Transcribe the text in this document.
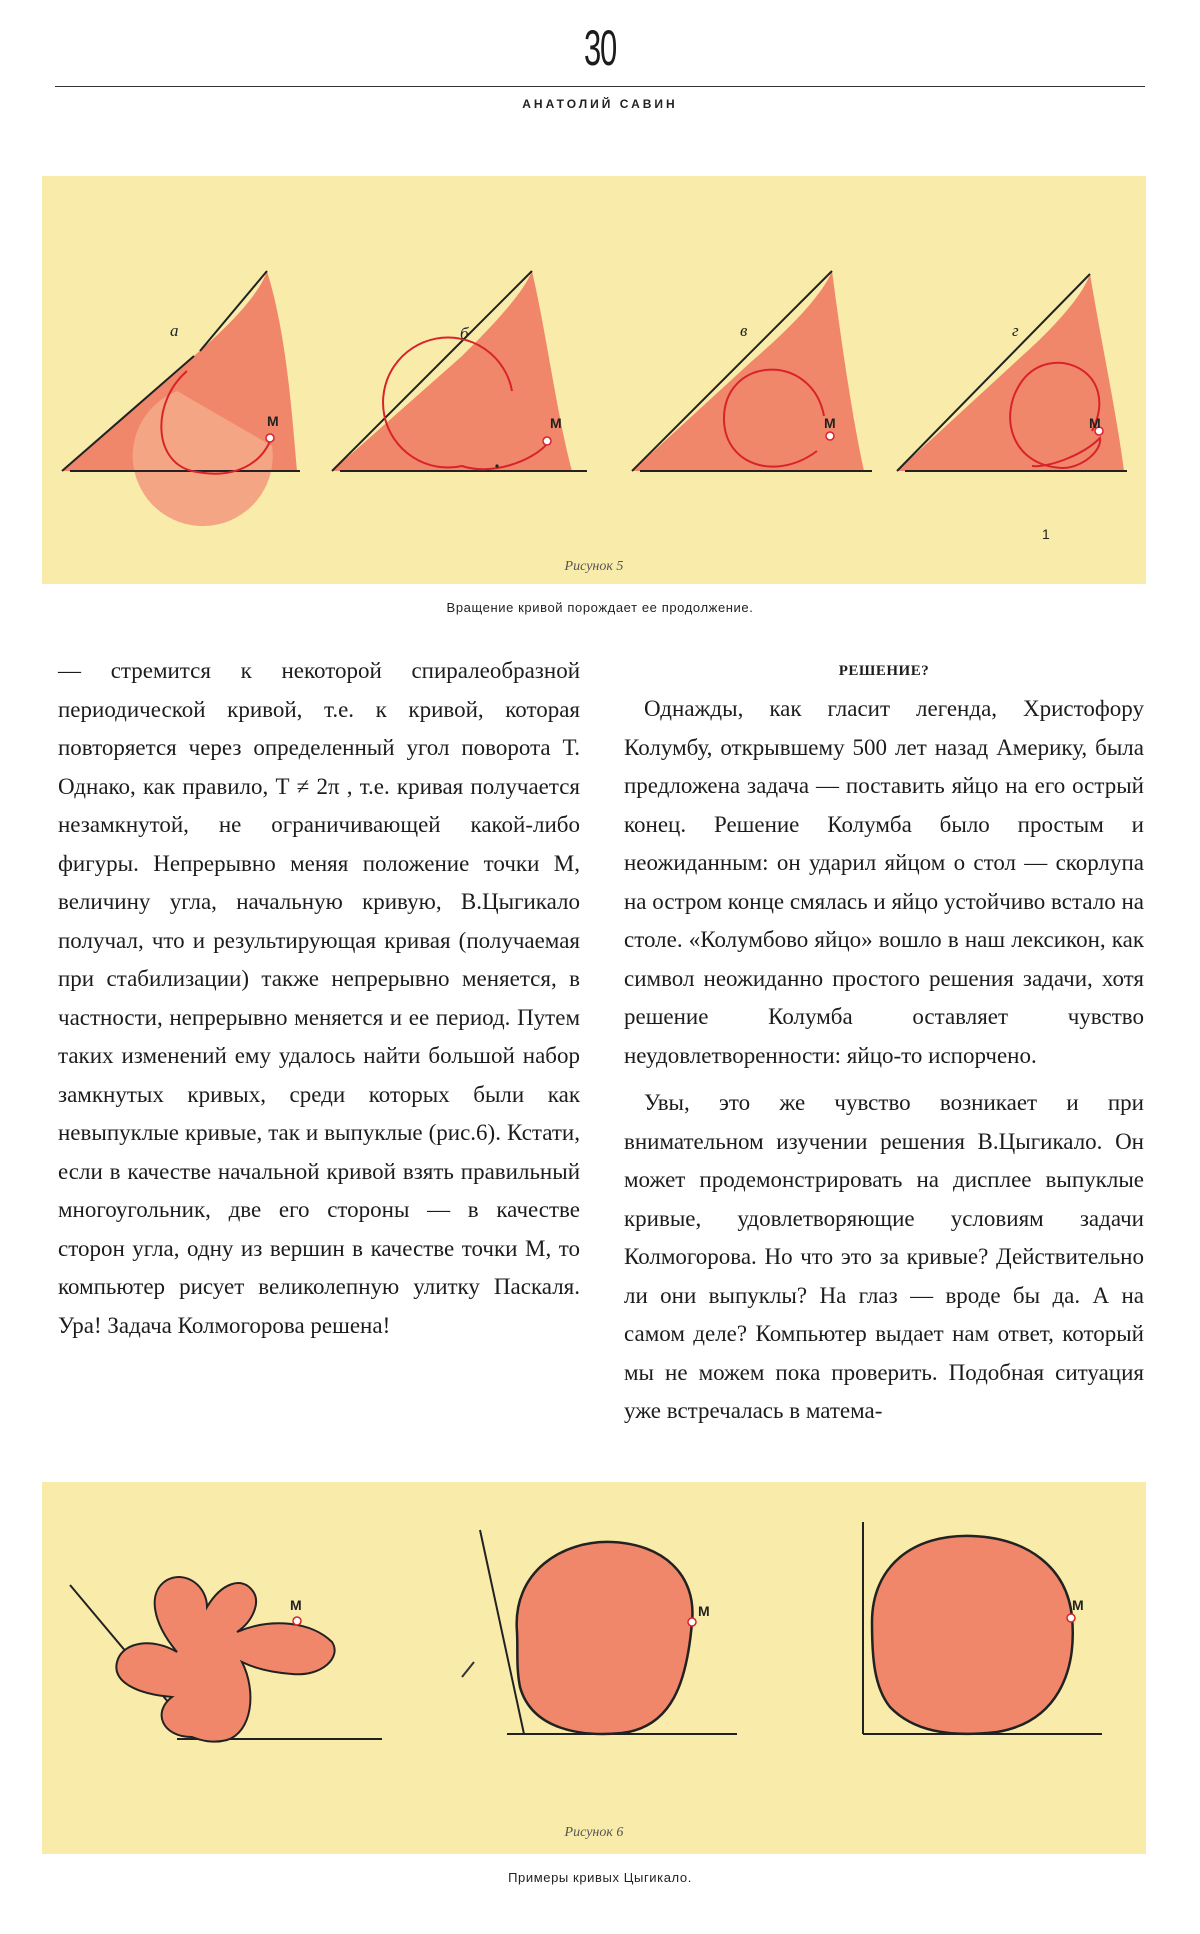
30
АНАТОЛИЙ САВИН
а
М
б
М
в
М
г
М
1
Рисунок 5
Вращение кривой порождает ее продолжение.

— стремится к некоторой спиралеобразной периодической кривой, т.е. к кривой, которая повторяется через определенный угол поворота Т. Однако, как правило, Т ≠ 2π , т.е. кривая получается незамкнутой, не ограничивающей какой-либо фигуры. Непрерывно меняя положение точки М, величину угла, начальную кривую, В.Цыгикало получал, что и результирующая кривая (получаемая при стабилизации) также непрерывно меняется, в частности, непрерывно меняется и ее период. Путем таких изменений ему удалось найти большой набор замкнутых кривых, среди которых были как невыпуклые кривые, так и выпуклые (рис.6). Кстати, если в качестве начальной кривой взять правильный многоугольник, две его стороны — в качестве сторон угла, одну из вершин в качестве точки М, то компьютер рисует великолепную улитку Паскаля. Ура! Задача Колмогорова решена!

РЕШЕНИЕ?

Однажды, как гласит легенда, Христофору Колумбу, открывшему 500 лет назад Америку, была предложена задача — поставить яйцо на его острый конец. Решение Колумба было простым и неожиданным: он ударил яйцом о стол — скорлупа на остром конце смялась и яйцо устойчиво встало на столе. «Колумбово яйцо» вошло в наш лексикон, как символ неожиданно простого решения задачи, хотя решение Колумба оставляет чувство неудовлетворенности: яйцо-то испорчено.

Увы, это же чувство возникает и при внимательном изучении решения В.Цыгикало. Он может продемонстрировать на дисплее выпуклые кривые, удовлетворяющие условиям задачи Колмогорова. Но что это за кривые? Действительно ли они выпуклы? На глаз — вроде бы да. А на самом деле? Компьютер выдает нам ответ, который мы не можем пока проверить. Подобная ситуация уже встречалась в матема-

М	М	М
Рисунок 6
Примеры кривых Цыгикало.
